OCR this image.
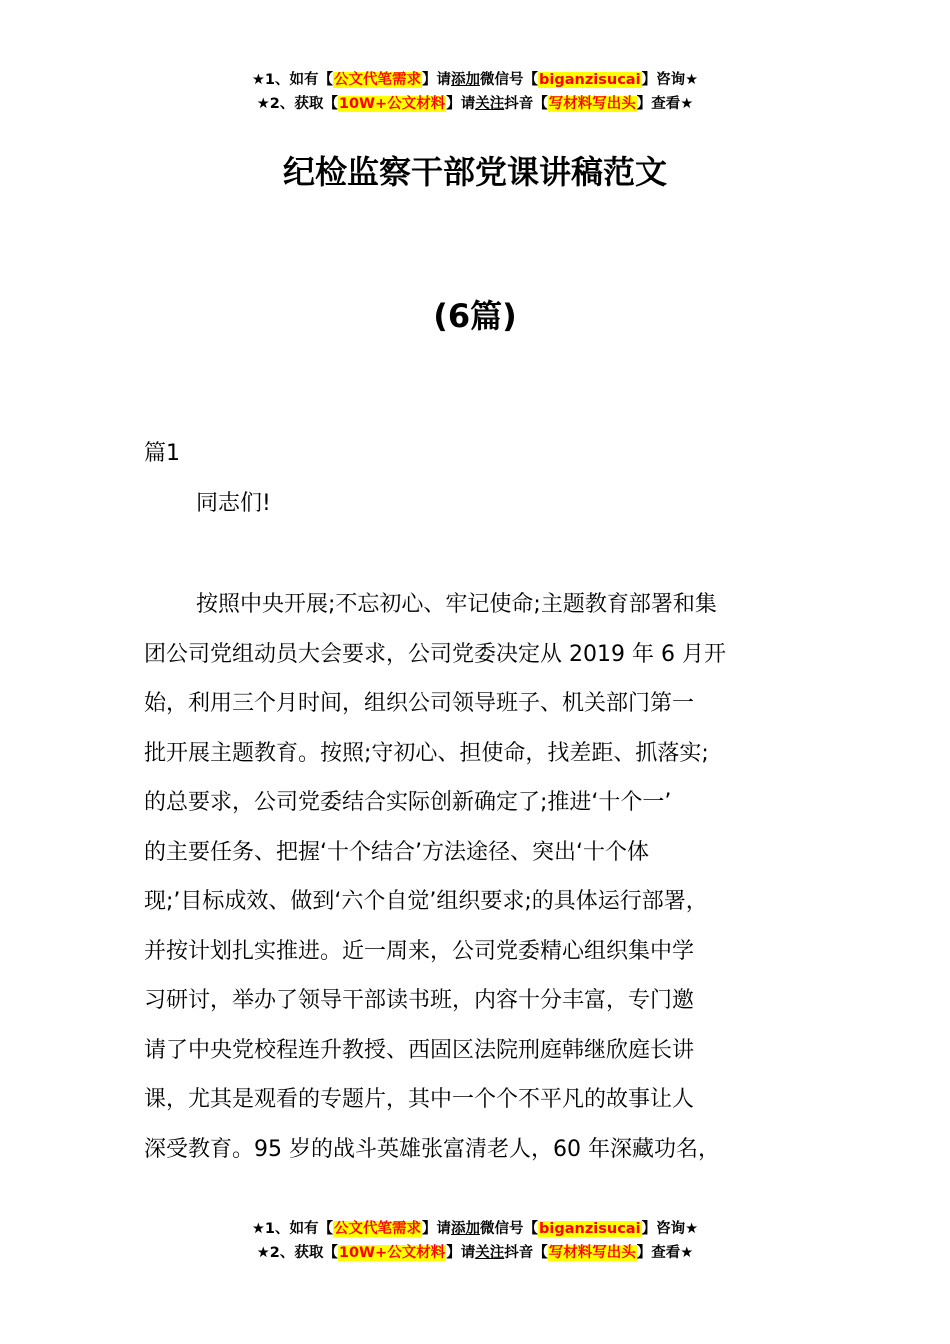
★1、如有【公文代笔需求】请添加微信号【biganzisucai】咨询★
★2、获取【10W+公文材料】请关注抖音【写材料写出头】查看★
纪检监察干部党课讲稿范文
(6篇)
篇1
同志们!
按照中央开展;不忘初心、牢记使命;主题教育部署和集
团公司党组动员大会要求，公司党委决定从 2019 年 6 月开
始，利用三个月时间，组织公司领导班子、机关部门第一
批开展主题教育。按照;守初心、担使命，找差距、抓落实;
的总要求，公司党委结合实际创新确定了;推进‘十个一’
的主要任务、把握‘十个结合’方法途径、突出‘十个体
现;’目标成效、做到‘六个自觉’组织要求;的具体运行部署，
并按计划扎实推进。近一周来，公司党委精心组织集中学
习研讨，举办了领导干部读书班，内容十分丰富，专门邀
请了中央党校程连升教授、西固区法院刑庭韩继欣庭长讲
课，尤其是观看的专题片，其中一个个不平凡的故事让人
深受教育。95 岁的战斗英雄张富清老人，60 年深藏功名，
★1、如有【公文代笔需求】请添加微信号【biganzisucai】咨询★
★2、获取【10W+公文材料】请关注抖音【写材料写出头】查看★
